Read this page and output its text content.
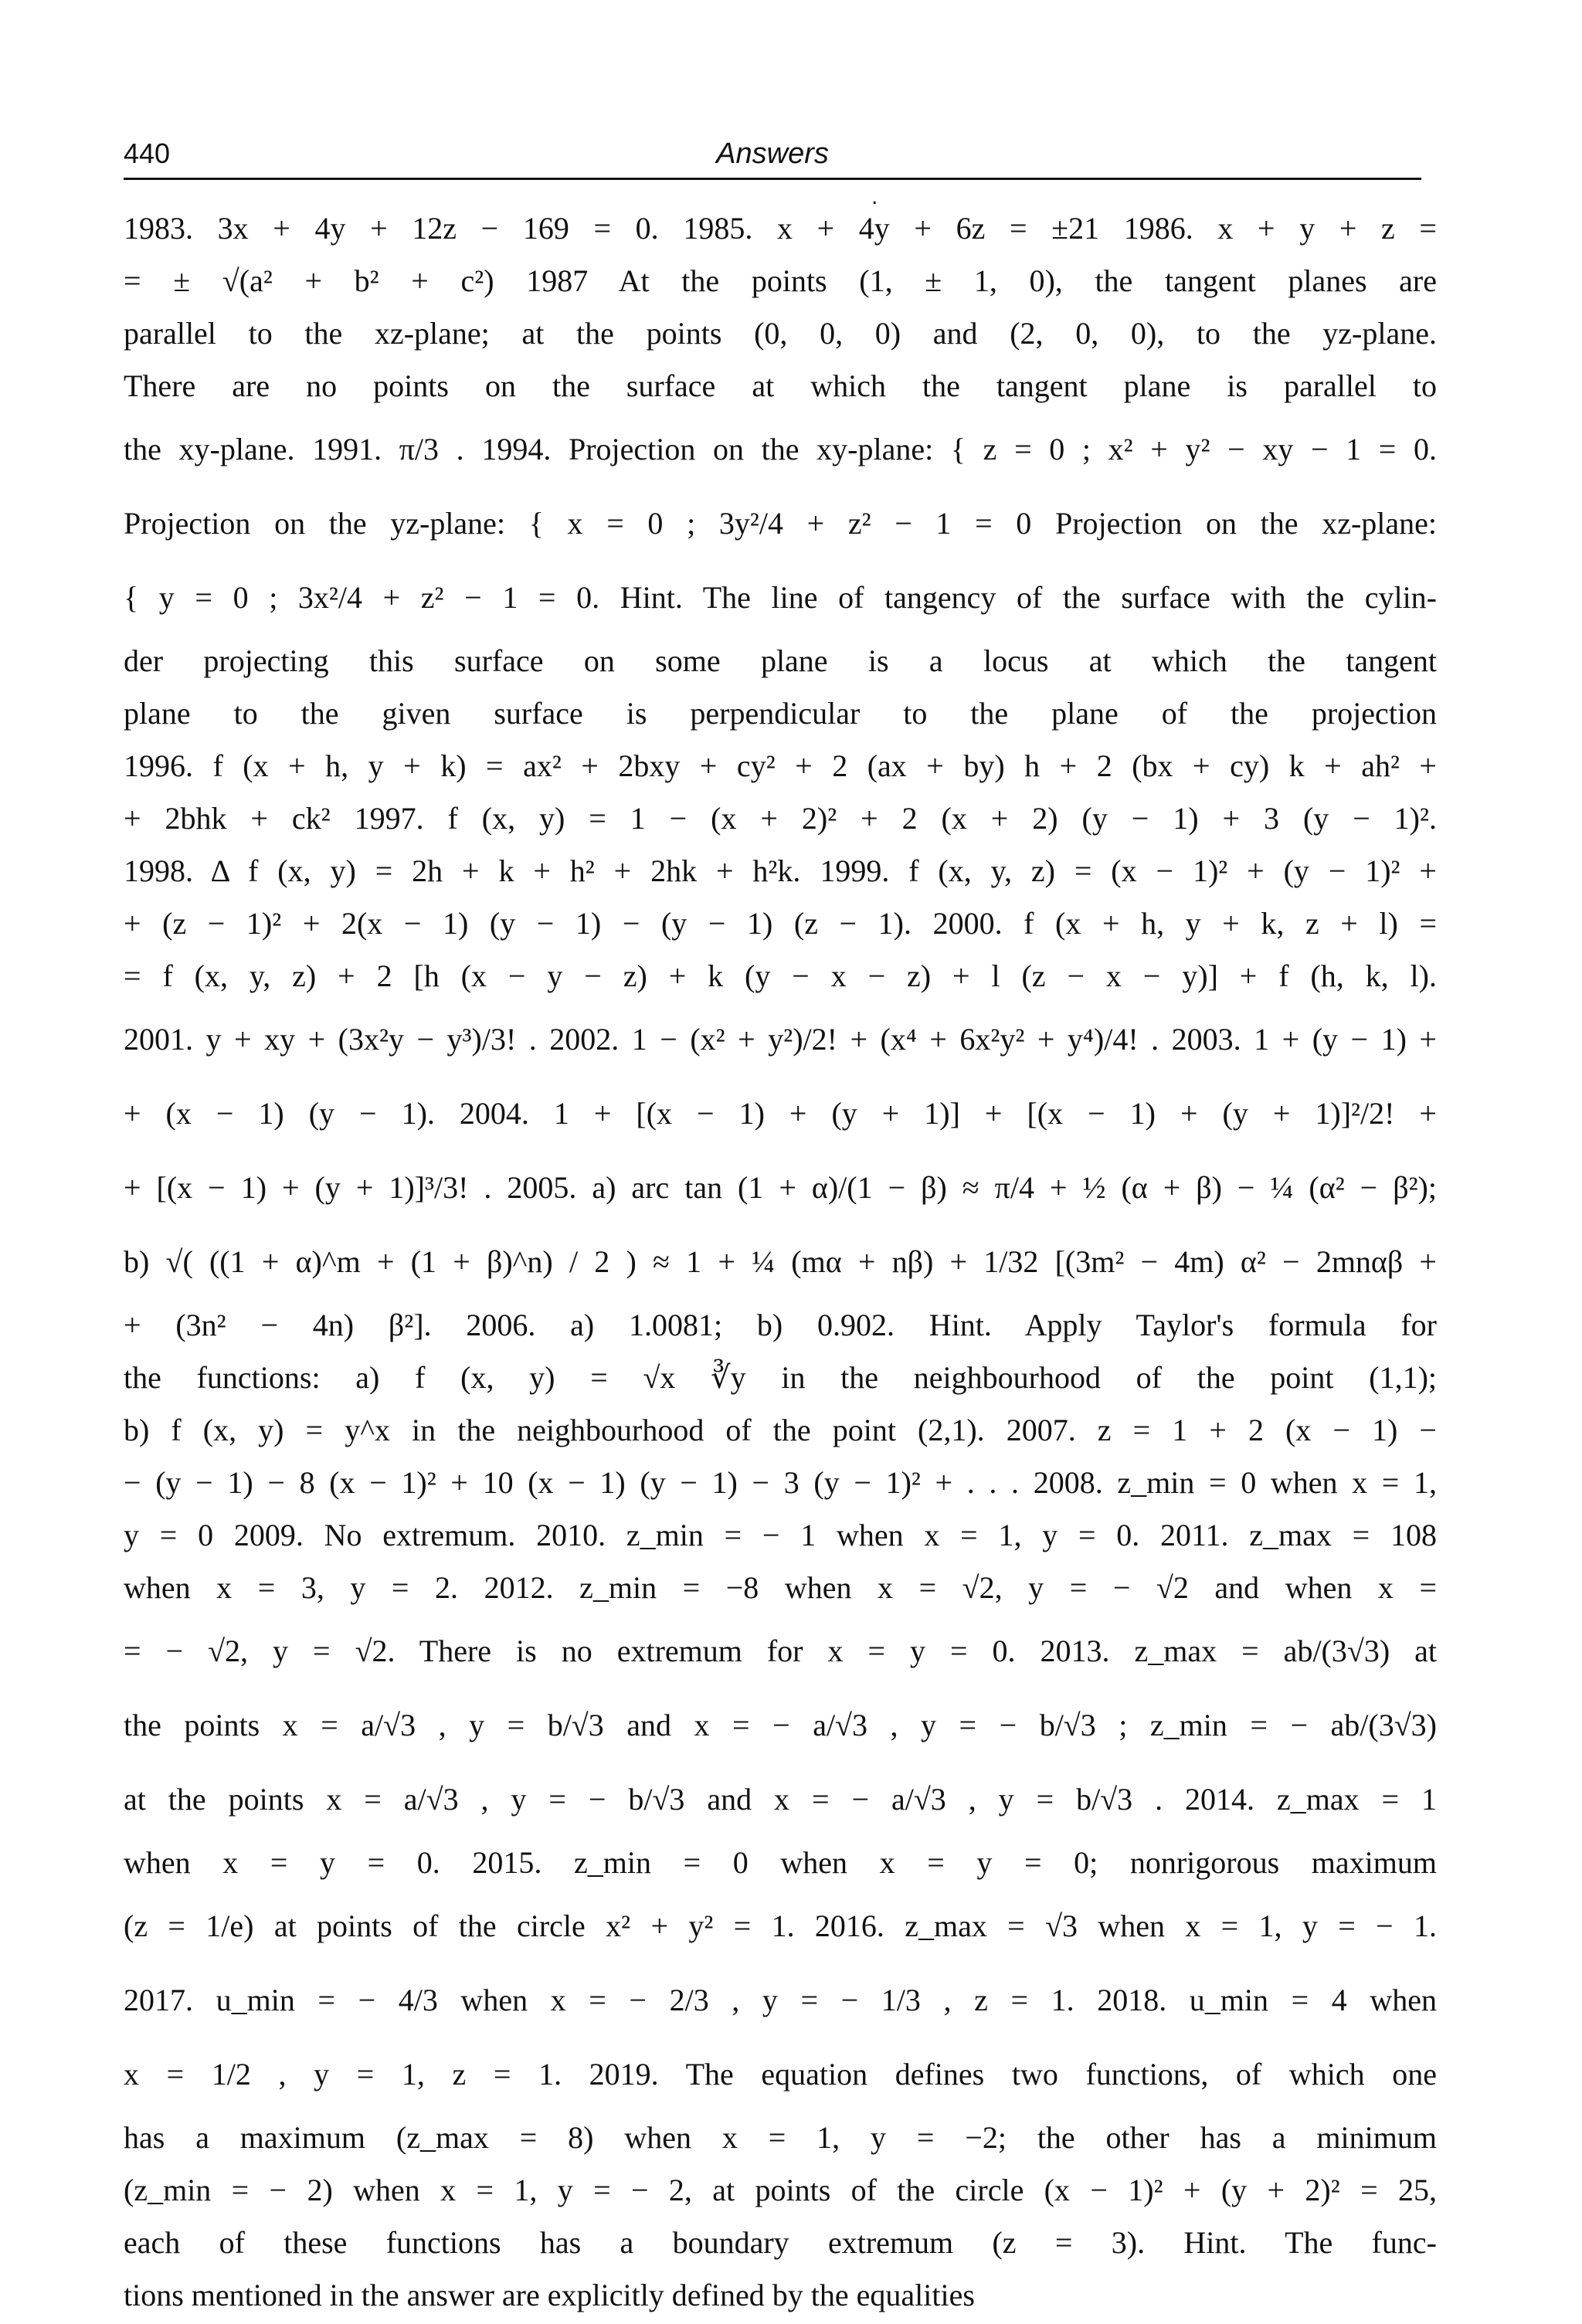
440	Answers
.
1983. 3x + 4y + 12z − 169 = 0. 1985. x + 4y + 6z = ±21 1986. x + y + z =
= ± √(a² + b² + c²) 1987 At the points (1, ± 1, 0), the tangent planes are
parallel to the xz-plane; at the points (0, 0, 0) and (2, 0, 0), to the yz-plane.
There are no points on the surface at which the tangent plane is parallel to
the xy-plane. 1991. π/3 . 1994. Projection on the xy-plane: { z = 0 ; x² + y² − xy − 1 = 0.
Projection on the yz-plane: { x = 0 ; 3y²/4 + z² − 1 = 0 Projection on the xz-plane:
{ y = 0 ; 3x²/4 + z² − 1 = 0. Hint. The line of tangency of the surface with the cylin-
der projecting this surface on some plane is a locus at which the tangent
plane to the given surface is perpendicular to the plane of the projection
1996. f (x + h, y + k) = ax² + 2bxy + cy² + 2 (ax + by) h + 2 (bx + cy) k + ah² +
+ 2bhk + ck² 1997. f (x, y) = 1 − (x + 2)² + 2 (x + 2) (y − 1) + 3 (y − 1)².
1998. Δ f (x, y) = 2h + k + h² + 2hk + h²k. 1999. f (x, y, z) = (x − 1)² + (y − 1)² +
+ (z − 1)² + 2(x − 1) (y − 1) − (y − 1) (z − 1). 2000. f (x + h, y + k, z + l) =
= f (x, y, z) + 2 [h (x − y − z) + k (y − x − z) + l (z − x − y)] + f (h, k, l).
2001. y + xy + (3x²y − y³)/3! . 2002. 1 − (x² + y²)/2! + (x⁴ + 6x²y² + y⁴)/4! . 2003. 1 + (y − 1) +
+ (x − 1) (y − 1). 2004. 1 + [(x − 1) + (y + 1)] + [(x − 1) + (y + 1)]²/2! +
+ [(x − 1) + (y + 1)]³/3! . 2005. a) arc tan (1 + α)/(1 − β) ≈ π/4 + ½ (α + β) − ¼ (α² − β²);
b) √( ((1 + α)^m + (1 + β)^n) / 2 ) ≈ 1 + ¼ (mα + nβ) + 1/32 [(3m² − 4m) α² − 2mnαβ +
+ (3n² − 4n) β²]. 2006. a) 1.0081; b) 0.902. Hint. Apply Taylor's formula for
the functions: a) f (x, y) = √x ∛y in the neighbourhood of the point (1,1);
b) f (x, y) = y^x in the neighbourhood of the point (2,1). 2007. z = 1 + 2 (x − 1) −
− (y − 1) − 8 (x − 1)² + 10 (x − 1) (y − 1) − 3 (y − 1)² + . . . 2008. z_min = 0 when x = 1,
y = 0 2009. No extremum. 2010. z_min = − 1 when x = 1, y = 0. 2011. z_max = 108
when x = 3, y = 2. 2012. z_min = −8 when x = √2, y = − √2 and when x =
= − √2, y = √2. There is no extremum for x = y = 0. 2013. z_max = ab/(3√3) at
the points x = a/√3 , y = b/√3 and x = − a/√3 , y = − b/√3 ; z_min = − ab/(3√3)
at the points x = a/√3 , y = − b/√3 and x = − a/√3 , y = b/√3 . 2014. z_max = 1
when x = y = 0. 2015. z_min = 0 when x = y = 0; nonrigorous maximum
(z = 1/e) at points of the circle x² + y² = 1. 2016. z_max = √3 when x = 1, y = − 1.
2017. u_min = − 4/3 when x = − 2/3 , y = − 1/3 , z = 1. 2018. u_min = 4 when
x = 1/2 , y = 1, z = 1. 2019. The equation defines two functions, of which one
has a maximum (z_max = 8) when x = 1, y = −2; the other has a minimum
(z_min = − 2) when x = 1, y = − 2, at points of the circle (x − 1)² + (y + 2)² = 25,
each of these functions has a boundary extremum (z = 3). Hint. The func-
tions mentioned in the answer are explicitly defined by the equalities
